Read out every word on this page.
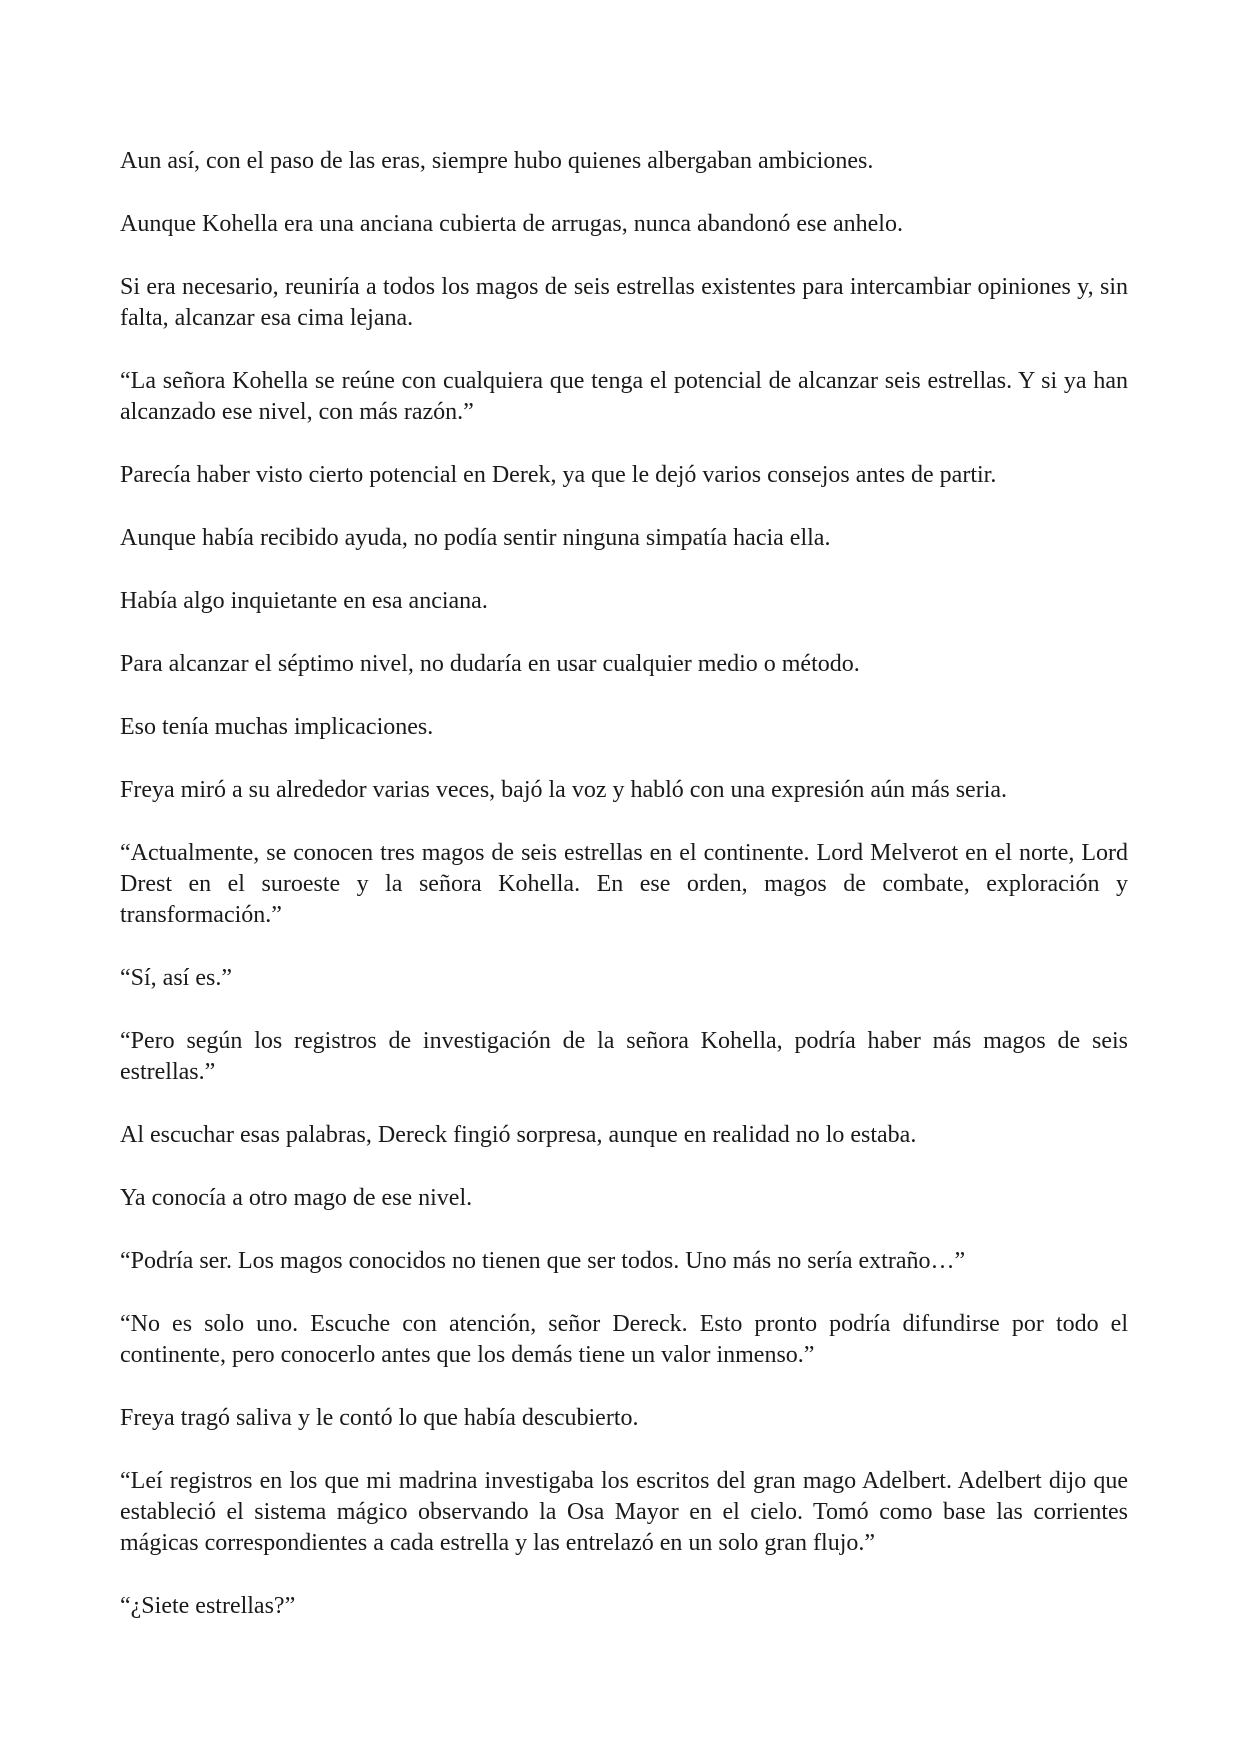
Aun así, con el paso de las eras, siempre hubo quienes albergaban ambiciones.

Aunque Kohella era una anciana cubierta de arrugas, nunca abandonó ese anhelo.

Si era necesario, reuniría a todos los magos de seis estrellas existentes para intercambiar opiniones y, sin falta, alcanzar esa cima lejana.

“La señora Kohella se reúne con cualquiera que tenga el potencial de alcanzar seis estrellas. Y si ya han alcanzado ese nivel, con más razón.”

Parecía haber visto cierto potencial en Derek, ya que le dejó varios consejos antes de partir.

Aunque había recibido ayuda, no podía sentir ninguna simpatía hacia ella.

Había algo inquietante en esa anciana.

Para alcanzar el séptimo nivel, no dudaría en usar cualquier medio o método.

Eso tenía muchas implicaciones.

Freya miró a su alrededor varias veces, bajó la voz y habló con una expresión aún más seria.

“Actualmente, se conocen tres magos de seis estrellas en el continente. Lord Melverot en el norte, Lord Drest en el suroeste y la señora Kohella. En ese orden, magos de combate, exploración y transformación.”

“Sí, así es.”

“Pero según los registros de investigación de la señora Kohella, podría haber más magos de seis estrellas.”

Al escuchar esas palabras, Dereck fingió sorpresa, aunque en realidad no lo estaba.

Ya conocía a otro mago de ese nivel.

“Podría ser. Los magos conocidos no tienen que ser todos. Uno más no sería extraño…”

“No es solo uno. Escuche con atención, señor Dereck. Esto pronto podría difundirse por todo el continente, pero conocerlo antes que los demás tiene un valor inmenso.”

Freya tragó saliva y le contó lo que había descubierto.

“Leí registros en los que mi madrina investigaba los escritos del gran mago Adelbert. Adelbert dijo que estableció el sistema mágico observando la Osa Mayor en el cielo. Tomó como base las corrientes mágicas correspondientes a cada estrella y las entrelazó en un solo gran flujo.”

“¿Siete estrellas?”
